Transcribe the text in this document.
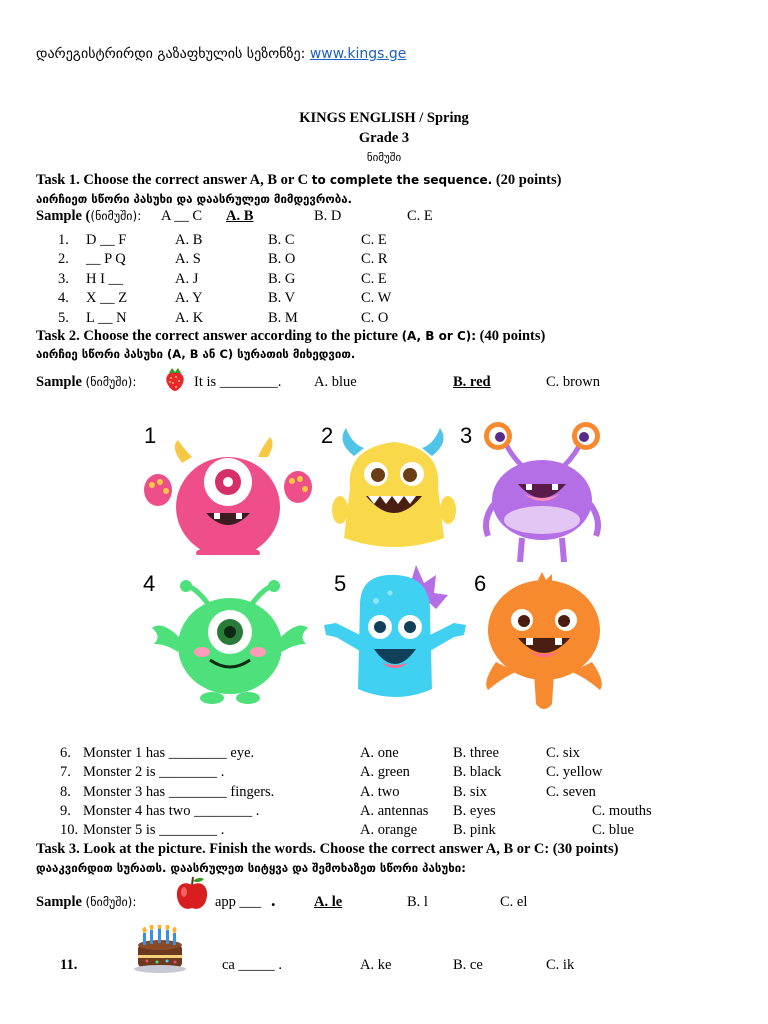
დარეგისტრირდი გაზაფხულის სეზონზე: www.kings.ge
KINGS ENGLISH / Spring
Grade 3
ნიმუში
Task 1. Choose the correct answer A, B or C to complete the sequence. (20 points)
აირჩიეთ სწორი პასუხი და დაასრულეთ მიმდევრობა.
Sample ((ნიმუში): A __ C A. B	B. D	C. E
1. D __ F	A. B	B. C	C. E
2. __ P Q	A. S	B. O	C. R
3. H I __	A. J	B. G	C. E
4. X __ Z	A. Y	B. V	C. W
5. L __ N	A. K	B. M	C. O
Task 2. Choose the correct answer according to the picture (A, B or C): (40 points)
აირჩიე სწორი პასუხი (A, B ან C) სურათის მიხედვით.
Sample (ნიმუში):	It is ________. A. blue	B. red	C. brown
1	2	3
4	5	6
6. Monster 1 has ________ eye.	A. one	B. three	C. six
7. Monster 2 is ________ .	A. green	B. black	C. yellow
8. Monster 3 has ________ fingers.	A. two	B. six	C. seven
9. Monster 4 has two ________ .	A. antennas B. eyes	C. mouths
10. Monster 5 is ________ .	A. orange B. pink	C. blue
Task 3. Look at the picture. Finish the words. Choose the correct answer A, B or C: (30 points)
დააკვირდით სურათს. დაასრულეთ სიტყვა და შემოხაზეთ სწორი პასუხი:
Sample (ნიმუში):	app ___ .	A. le	B. l	C. el
11.	ca _____ .	A. ke	B. ce	C. ik
